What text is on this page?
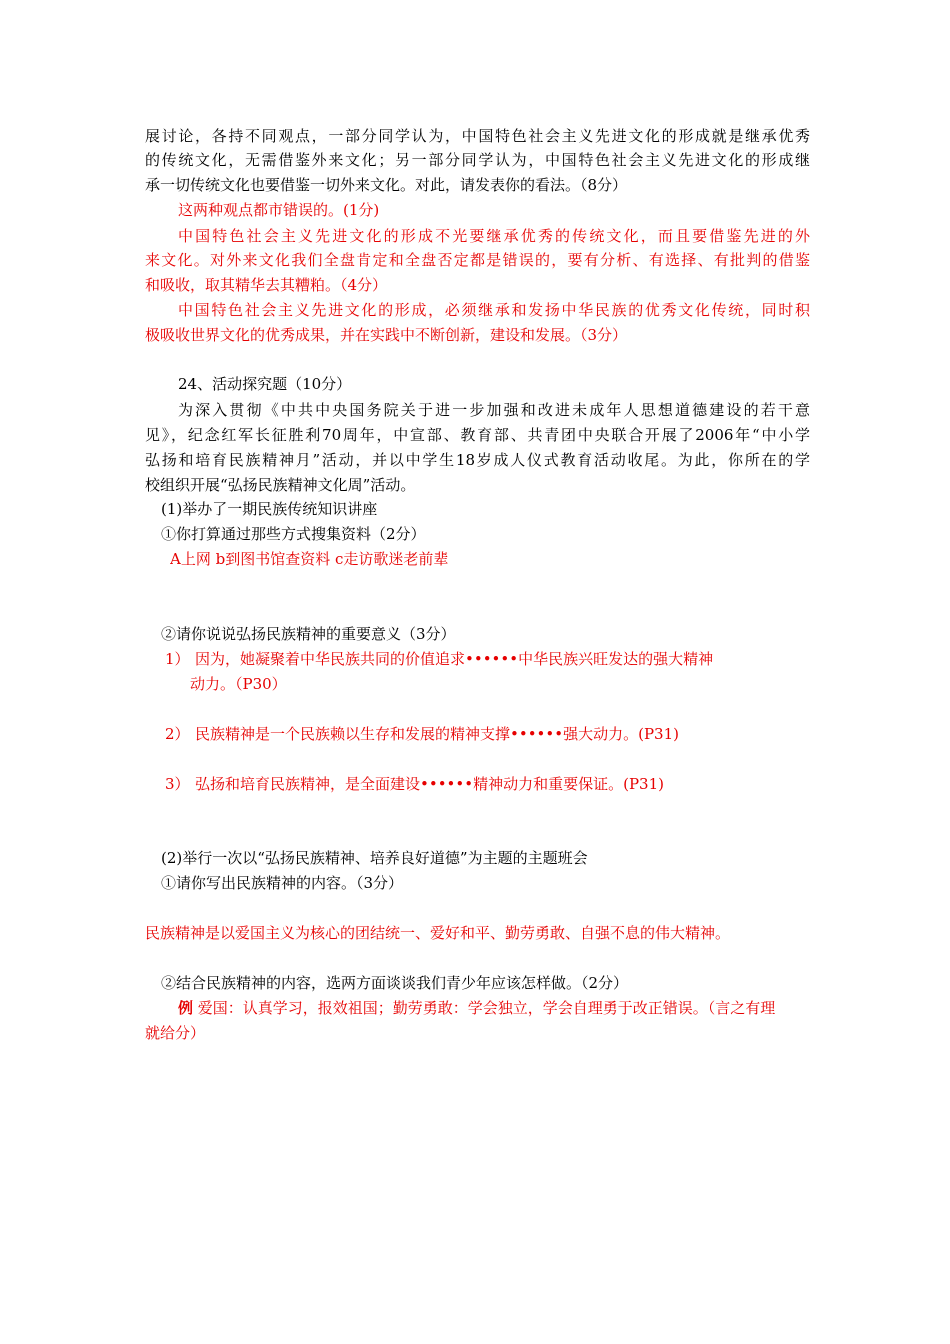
展讨论，各持不同观点，一部分同学认为，中国特色社会主义先进文化的形成就是继承优秀
的传统文化，无需借鉴外来文化；另一部分同学认为，中国特色社会主义先进文化的形成继
承一切传统文化也要借鉴一切外来文化。对此，请发表你的看法。（8分）
这两种观点都市错误的。(1分)
中国特色社会主义先进文化的形成不光要继承优秀的传统文化，而且要借鉴先进的外
来文化。对外来文化我们全盘肯定和全盘否定都是错误的，要有分析、有选择、有批判的借鉴
和吸收，取其精华去其糟粕。（4分）
中国特色社会主义先进文化的形成，必须继承和发扬中华民族的优秀文化传统，同时积
极吸收世界文化的优秀成果，并在实践中不断创新，建设和发展。（3分）
24、活动探究题（10分）
为深入贯彻《中共中央国务院关于进一步加强和改进未成年人思想道德建设的若干意
见》，纪念红军长征胜利70周年，中宣部、教育部、共青团中央联合开展了2006年“中小学
弘扬和培育民族精神月”活动，并以中学生18岁成人仪式教育活动收尾。为此，你所在的学
校组织开展“弘扬民族精神文化周”活动。
(1)举办了一期民族传统知识讲座
①你打算通过那些方式搜集资料（2分）
A上网 b到图书馆查资料 c走访歌迷老前辈
②请你说说弘扬民族精神的重要意义（3分）
1） 因为，她凝聚着中华民族共同的价值追求••••••中华民族兴旺发达的强大精神
动力。（P30）
2） 民族精神是一个民族赖以生存和发展的精神支撑••••••强大动力。(P31)
3） 弘扬和培育民族精神，是全面建设••••••精神动力和重要保证。(P31)
(2)举行一次以“弘扬民族精神、培养良好道德”为主题的主题班会
①请你写出民族精神的内容。（3分）
民族精神是以爱国主义为核心的团结统一、爱好和平、勤劳勇敢、自强不息的伟大精神。
②结合民族精神的内容，选两方面谈谈我们青少年应该怎样做。（2分）
例 爱国：认真学习，报效祖国；勤劳勇敢：学会独立，学会自理勇于改正错误。（言之有理
就给分）
